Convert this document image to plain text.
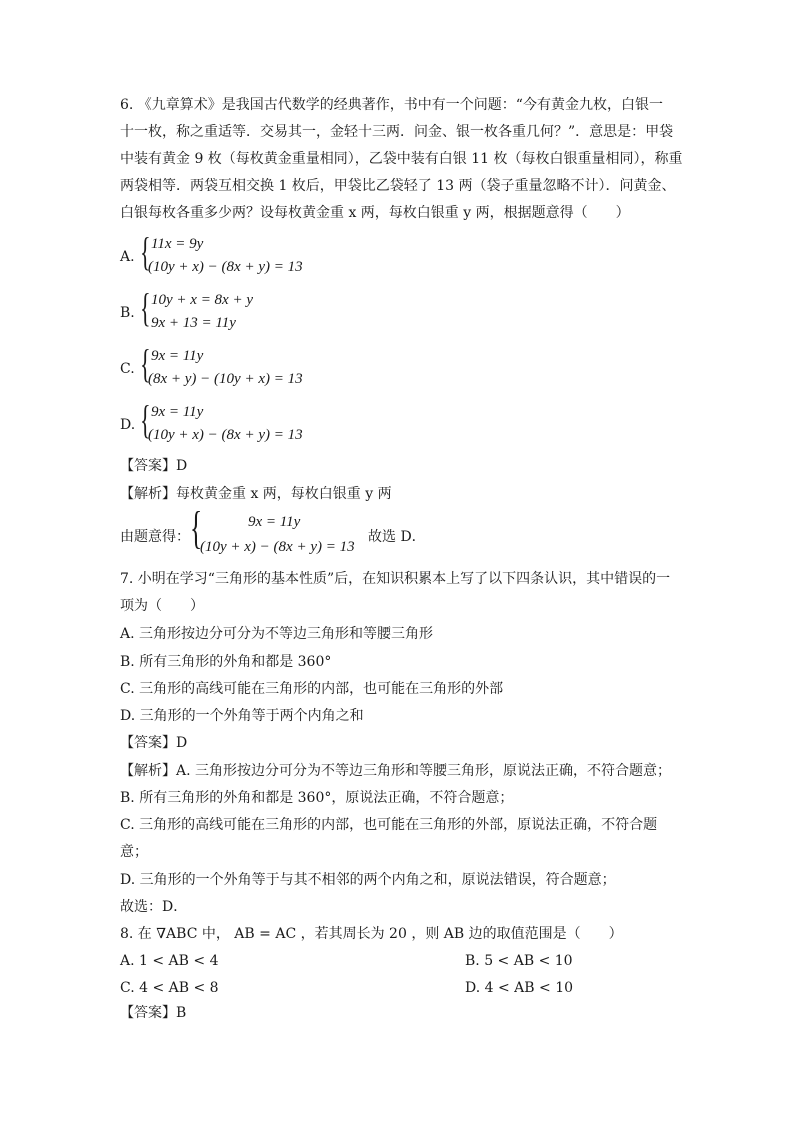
6. 《九章算术》是我国古代数学的经典著作，书中有一个问题：“今有黄金九枚，白银一
十一枚，称之重适等．交易其一，金轻十三两．问金、银一枚各重几何？”．意思是：甲袋
中装有黄金 9 枚（每枚黄金重量相同），乙袋中装有白银 11 枚（每枚白银重量相同），称重
两袋相等．两袋互相交换 1 枚后，甲袋比乙袋轻了 13 两（袋子重量忽略不计）．问黄金、
白银每枚各重多少两？设每枚黄金重 x 两，每枚白银重 y 两，根据题意得（　　）
A. { 11x = 9y
(10y + x) − (8x + y) = 13
B. { 10y + x = 8x + y
9x + 13 = 11y
C. { 9x = 11y
(8x + y) − (10y + x) = 13
D. { 9x = 11y
(10y + x) − (8x + y) = 13
【答案】D
【解析】每枚黄金重 x 两，每枚白银重 y 两
由题意得： {	9x = 11y
(10y + x) − (8x + y) = 13
故选 D．
7. 小明在学习“三角形的基本性质”后，在知识积累本上写了以下四条认识，其中错误的一
项为（　　）
A. 三角形按边分可分为不等边三角形和等腰三角形
B. 所有三角形的外角和都是 360°
C. 三角形的高线可能在三角形的内部，也可能在三角形的外部
D. 三角形的一个外角等于两个内角之和
【答案】D
【解析】A. 三角形按边分可分为不等边三角形和等腰三角形，原说法正确，不符合题意；
B. 所有三角形的外角和都是 360°，原说法正确，不符合题意；
C. 三角形的高线可能在三角形的内部，也可能在三角形的外部，原说法正确，不符合题
意；
D. 三角形的一个外角等于与其不相邻的两个内角之和，原说法错误，符合题意；
故选：D．
8. 在 ∇ABC 中， AB = AC ，若其周长为 20 ，则 AB 边的取值范围是（　　）
A. 1 < AB < 4	B. 5 < AB < 10
C. 4 < AB < 8	D. 4 < AB < 10
【答案】B
